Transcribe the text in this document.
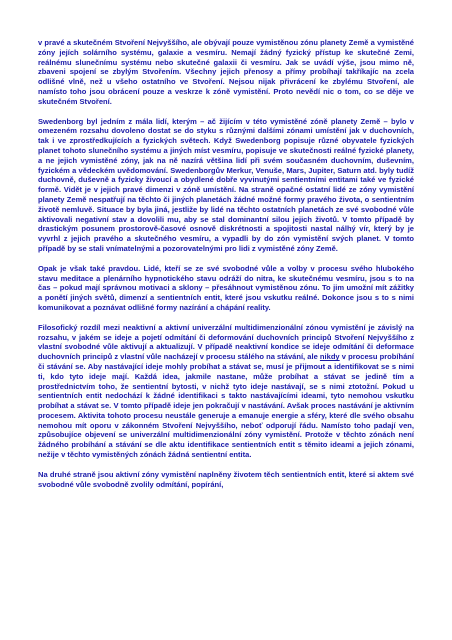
v pravé a skutečném Stvoření Nejvyššího, ale obývají pouze vymistěnou zónu planety Země a vymistěné zóny jejích solárního systému, galaxie a vesmíru. Nemají žádný fyzický přístup ke skutečné Zemi, reálnému slunečnímu systému nebo skutečné galaxii či vesmíru. Jak se uvádí výše, jsou mimo ně, zbaveni spojení se zbylým Stvořením. Všechny jejich přenosy a přímy probíhají takříkajíc na zcela odlišné vlně, než u všeho ostatního ve Stvoření. Nejsou nijak přivrácení ke zbylému Stvoření, ale namísto toho jsou obrácení pouze a veskrze k zóně vymistění. Proto nevědí nic o tom, co se děje ve skutečném Stvoření.

Swedenborg byl jedním z mála lidí, kterým – ač žijícím v této vymistěné zóně planety Země – bylo v omezeném rozsahu dovoleno dostat se do styku s různými dalšími zónami umístění jak v duchovních, tak i ve zprostředkujících a fyzických světech. Když Swedenborg popisuje různé obyvatele fyzických planet tohoto slunečního systému a jiných míst vesmíru, popisuje ve skutečnosti reálné fyzické planety, a ne jejich vymistěné zóny, jak na ně nazírá většina lidí při svém současném duchovním, duševním, fyzickém a vědeckém uvědomování. Swedenborgův Merkur, Venuše, Mars, Jupiter, Saturn atd. byly tudíž duchovně, duševně a fyzicky živoucí a obydlené dobře vyvinutými sentientními entitami také ve fyzické formě. Vidět je v jejich pravé dimenzi v zóně umístění. Na straně opačné ostatní lidé ze zóny vymistění planety Země nespatřují na těchto či jiných planetách žádné možné formy pravého života, o sentientním životě nemluvě. Situace by byla jiná, jestliže by lidé na těchto ostatních planetách ze své svobodné vůle aktivovali negativní stav a dovolili mu, aby se stal dominantní silou jejich životů. V tomto případě by drastickým posunem prostorově-časové osnově diskrétnosti a spojitosti nastal nálhý vír, který by je vyvrhl z jejich pravého a skutečného vesmíru, a vypadli by do zón vymistění svých planet. V tomto případě by se stali vnímatelnými a pozorovatelnými pro lidi z vymistěné zóny Země.

Opak je však také pravdou. Lidé, kteří se ze své svobodné vůle a volby v procesu svého hlubokého stavu meditace a plenárního hypnotického stavu odráží do nitra, ke skutečnému vesmíru, jsou s to na čas – pokud mají správnou motivaci a sklony – přesáhnout vymistěnou zónu. To jim umožní mít zážitky a ponětí jiných světů, dimenzí a sentientních entit, které jsou vskutku reálné. Dokonce jsou s to s nimi komunikovat a poznávat odlišné formy nazírání a chápání reality.

Filosofický rozdíl mezi neaktivní a aktivní univerzální multidimenzionální zónou vymistění je závislý na rozsahu, v jakém se ideje a pojetí odmítání či deformování duchovních principů Stvoření Nejvyššího z vlastní svobodné vůle aktivují a aktualizují. V případě neaktivní kondice se ideje odmítání či deformace duchovních principů z vlastní vůle nacházejí v procesu stálého na stávání, ale nikdy v procesu probíhání či stávání se. Aby nastávající ideje mohly probíhat a stávat se, musí je přijmout a identifikovat se s nimi ti, kdo tyto ideje mají. Každá idea, jakmile nastane, může probíhat a stávat se jedině tím a prostřednictvím toho, že sentientní bytosti, v nichž tyto ideje nastávají, se s nimi ztotožní. Pokud u sentientních entit nedochází k žádné identifikaci s takto nastávajícími ideami, tyto nemohou vskutku probíhat a stávat se. V tomto případě ideje jen pokračují v nastávání. Avšak proces nastávání je aktivním procesem. Aktivita tohoto procesu neustále generuje a emanuje energie a sféry, které dle svého obsahu nemohou mít oporu v zákonném Stvoření Nejvyššího, neboť odporují řádu. Namísto toho padají ven, způsobujíce objevení se univerzální multidimenzionální zóny vymistění. Protože v těchto zónách není žádného probíhání a stávání se dle aktu identifikace sentientních entit s těmito ideami a jejich zónami, nežije v těchto vymistěných zónách žádná sentientní entita.

Na druhé straně jsou aktivní zóny vymistění naplněny životem těch sentientních entit, které si aktem své svobodné vůle svobodně zvolily odmítání, popírání,
